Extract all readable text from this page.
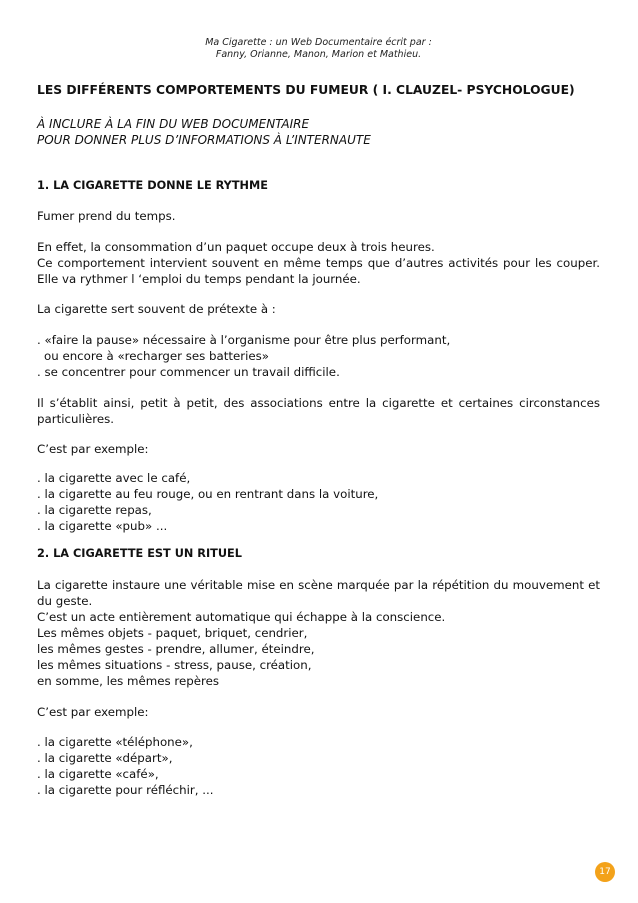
Ma Cigarette : un Web Documentaire écrit par :
Fanny, Orianne, Manon, Marion et Mathieu.
LES DIFFÉRENTS COMPORTEMENTS DU FUMEUR ( I. CLAUZEL- PSYCHOLOGUE)
À INCLURE À LA FIN DU WEB DOCUMENTAIRE
POUR DONNER PLUS D’INFORMATIONS À L’INTERNAUTE
1. LA CIGARETTE DONNE LE RYTHME

Fumer prend du temps.

En effet, la consommation d’un paquet occupe deux à trois heures.
Ce comportement intervient souvent en même temps que d’autres activités pour les couper. Elle va rythmer l ‘emploi du temps pendant la journée.

La cigarette sert souvent de prétexte à :

. «faire la pause» nécessaire à l’organisme pour être plus performant,
ou encore à «recharger ses batteries»
. se concentrer pour commencer un travail difficile.

Il s’établit ainsi, petit à petit, des associations entre la cigarette et certaines circonstances particulières.

C’est par exemple:

. la cigarette avec le café,
. la cigarette au feu rouge, ou en rentrant dans la voiture,
. la cigarette repas,
. la cigarette «pub» ...
2. LA CIGARETTE EST UN RITUEL
La cigarette instaure une véritable mise en scène marquée par la répétition du mouvement et du geste.
C’est un acte entièrement automatique qui échappe à la conscience.
Les mêmes objets - paquet, briquet, cendrier,
les mêmes gestes - prendre, allumer, éteindre,
les mêmes situations - stress, pause, création,
en somme, les mêmes repères

C’est par exemple:

. la cigarette «téléphone»,
. la cigarette «départ»,
. la cigarette «café»,
. la cigarette pour réfléchir, ...
17
